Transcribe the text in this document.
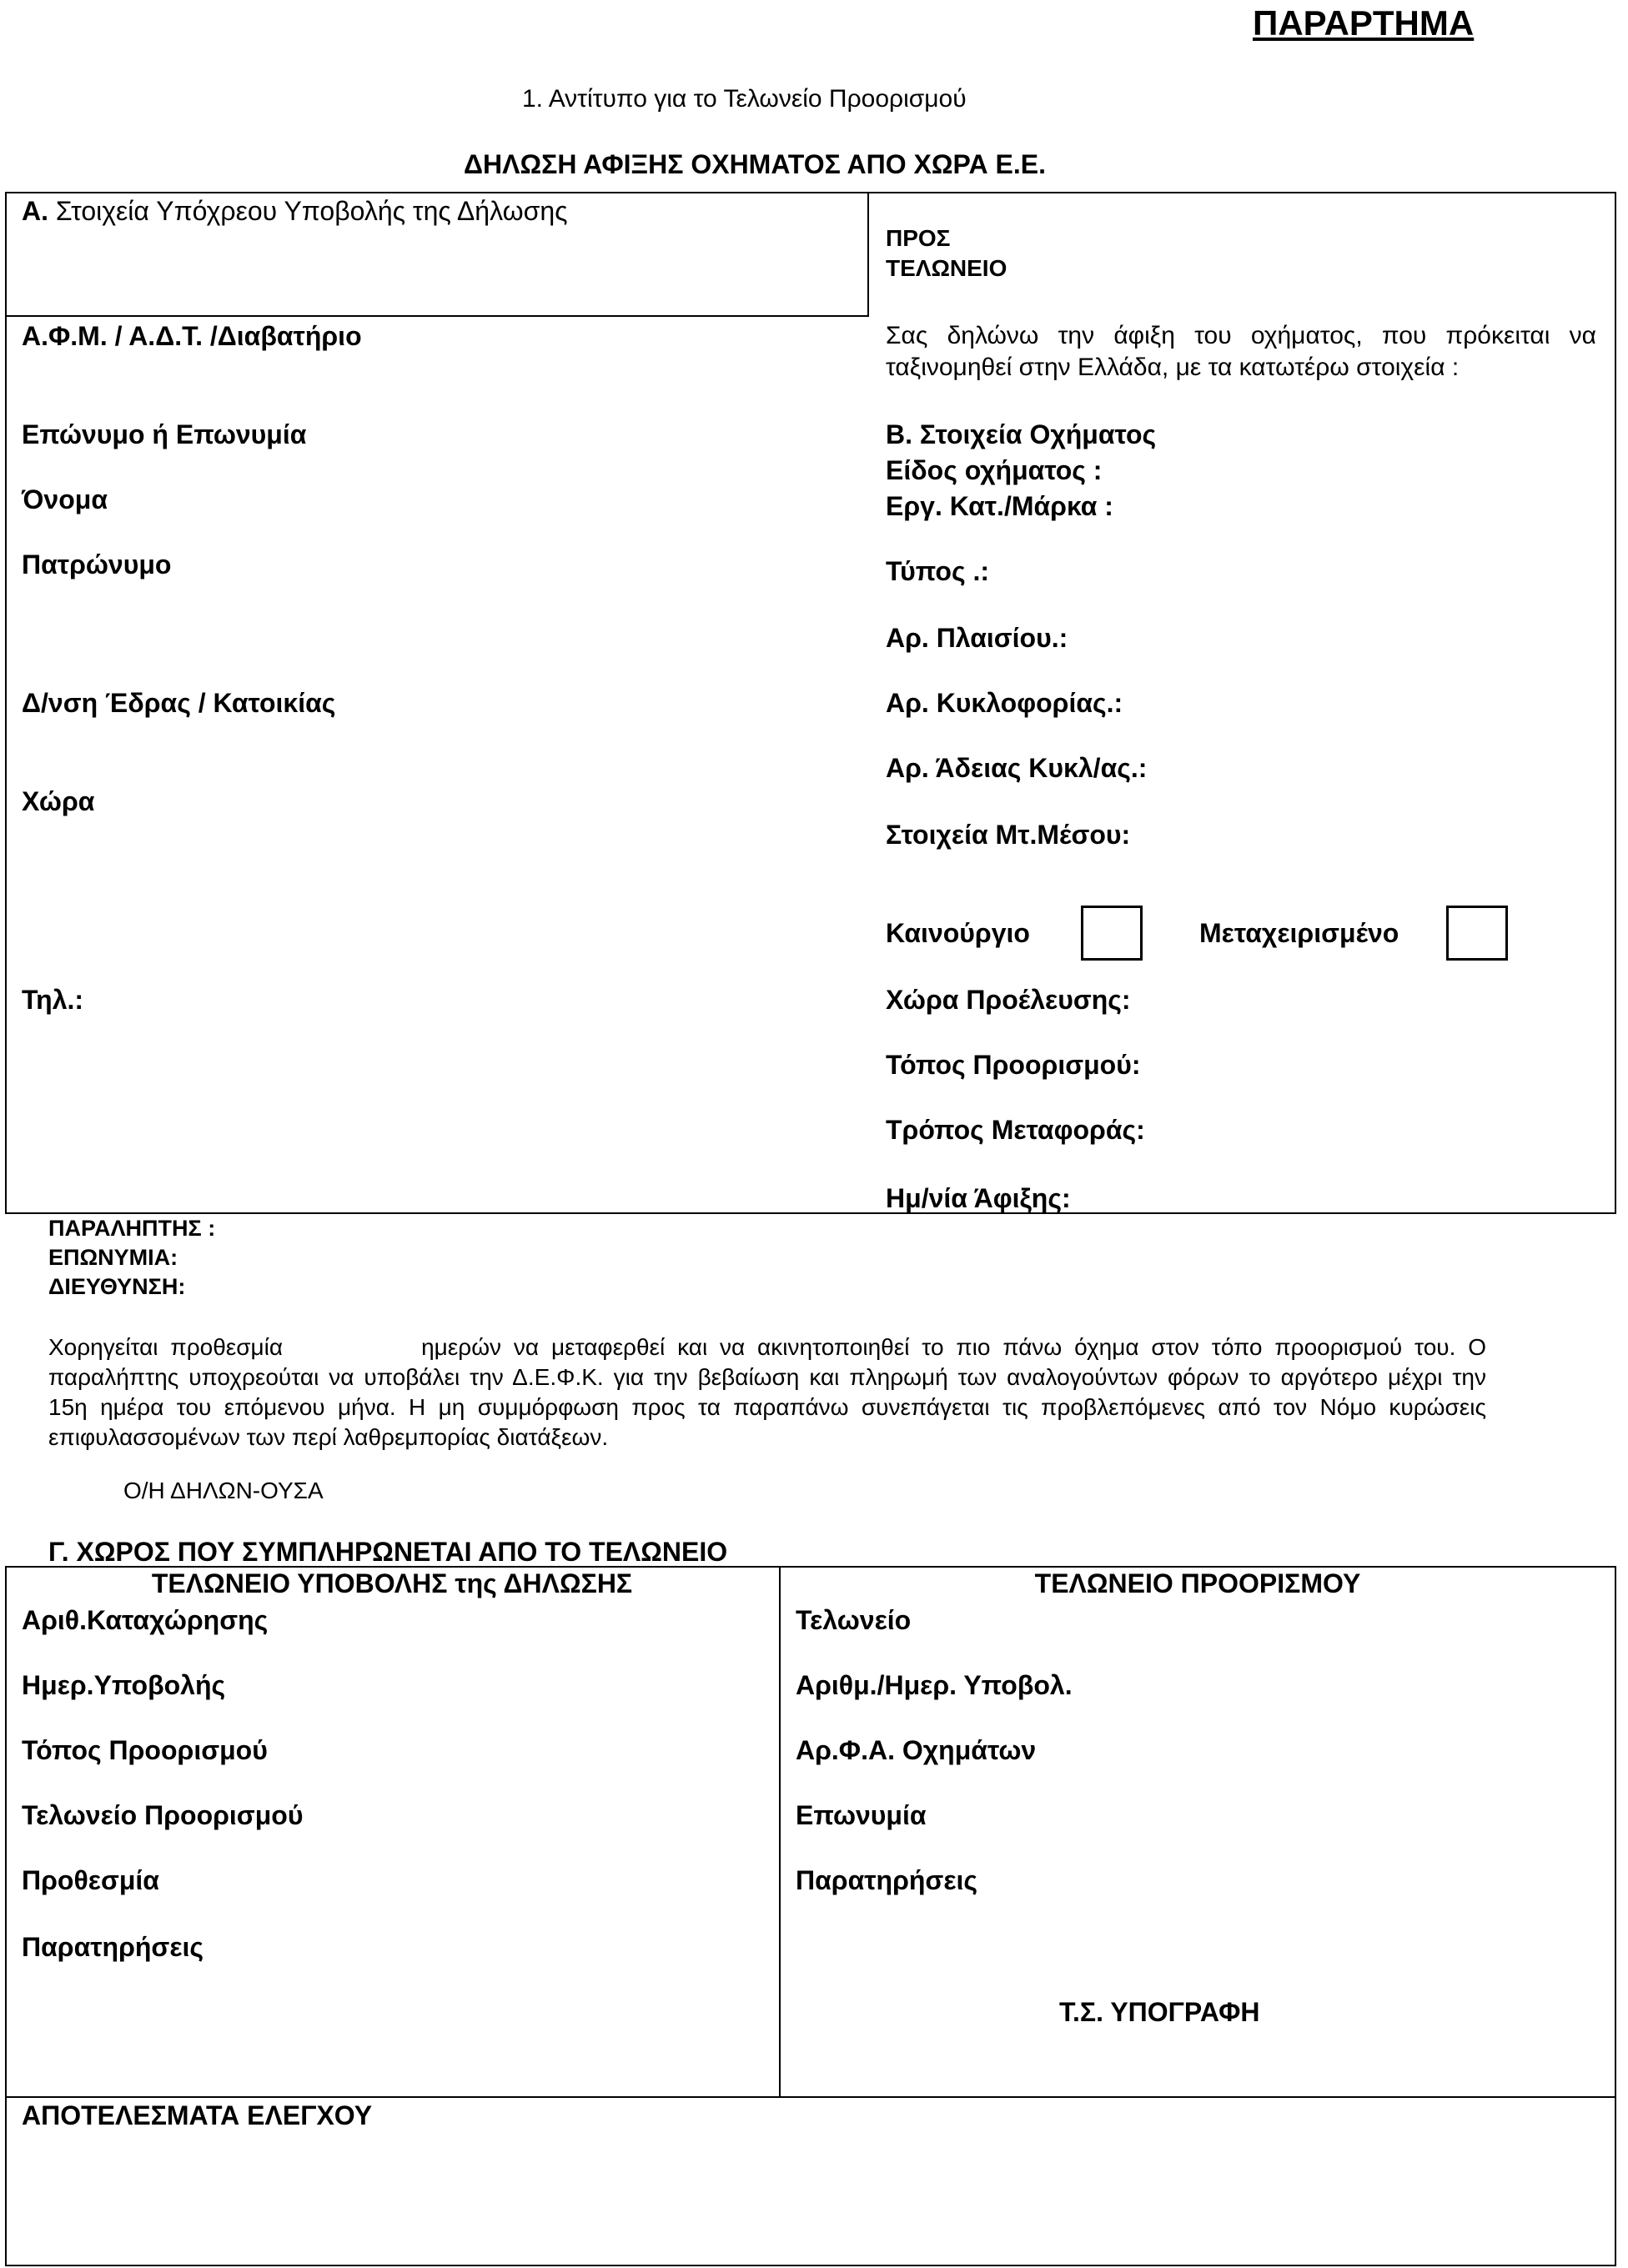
ΠΑΡΑΡΤΗΜΑ
1. Αντίτυπο για το Τελωνείο Προορισμού
ΔΗΛΩΣΗ ΑΦΙΞΗΣ ΟΧΗΜΑΤΟΣ ΑΠΟ ΧΩΡΑ Ε.Ε.
Α. Στοιχεία Υπόχρεου Υποβολής της Δήλωσης
Α.Φ.Μ. / Α.Δ.Τ. /Διαβατήριο
Επώνυμο ή Επωνυμία
Όνομα
Πατρώνυμο
Δ/νση Έδρας / Κατοικίας
Χώρα
Τηλ.:
ΠΡΟΣ
ΤΕΛΩΝΕΙΟ
Σας δηλώνω την άφιξη του οχήματος, που πρόκειται να
ταξινομηθεί στην Ελλάδα, με τα κατωτέρω στοιχεία :
Β. Στοιχεία Οχήματος
Είδος οχήματος :
Εργ. Κατ./Μάρκα :
Τύπος .:
Αρ. Πλαισίου.:
Αρ. Κυκλοφορίας.:
Αρ. Άδειας Κυκλ/ας.:
Στοιχεία Μτ.Μέσου:
Καινούργιο	Μεταχειρισμένο
Χώρα Προέλευσης:
Τόπος Προορισμού:
Τρόπος Μεταφοράς:
Ημ/νία Άφιξης:
ΠΑΡΑΛΗΠΤΗΣ :
ΕΠΩΝΥΜΙΑ:
ΔΙΕΥΘΥΝΣΗ:
Χορηγείται προθεσμία	ημερών να μεταφερθεί και να ακινητοποιηθεί το πιο πάνω όχημα στον τόπο προορισμού του. Ο
παραλήπτης υποχρεούται να υποβάλει την Δ.Ε.Φ.Κ. για την βεβαίωση και πληρωμή των αναλογούντων φόρων το αργότερο μέχρι την
15η ημέρα του επόμενου μήνα. Η μη συμμόρφωση προς τα παραπάνω συνεπάγεται τις προβλεπόμενες από τον Νόμο κυρώσεις
επιφυλασσομένων των περί λαθρεμπορίας διατάξεων.
Ο/Η ΔΗΛΩΝ-ΟΥΣΑ
Γ. ΧΩΡΟΣ ΠΟΥ ΣΥΜΠΛΗΡΩΝΕΤΑΙ ΑΠΟ ΤΟ ΤΕΛΩΝΕΙΟ
ΤΕΛΩΝΕΙΟ ΥΠΟΒΟΛΗΣ της ΔΗΛΩΣΗΣ	ΤΕΛΩΝΕΙΟ ΠΡΟΟΡΙΣΜΟΥ
Αριθ.Καταχώρησης
Ημερ.Υποβολής
Τόπος Προορισμού
Τελωνείο Προορισμού
Προθεσμία
Παρατηρήσεις
Τελωνείο
Αριθμ./Ημερ. Υποβολ.
Αρ.Φ.Α. Οχημάτων
Επωνυμία
Παρατηρήσεις
Τ.Σ. ΥΠΟΓΡΑΦΗ
ΑΠΟΤΕΛΕΣΜΑΤΑ ΕΛΕΓΧΟΥ
